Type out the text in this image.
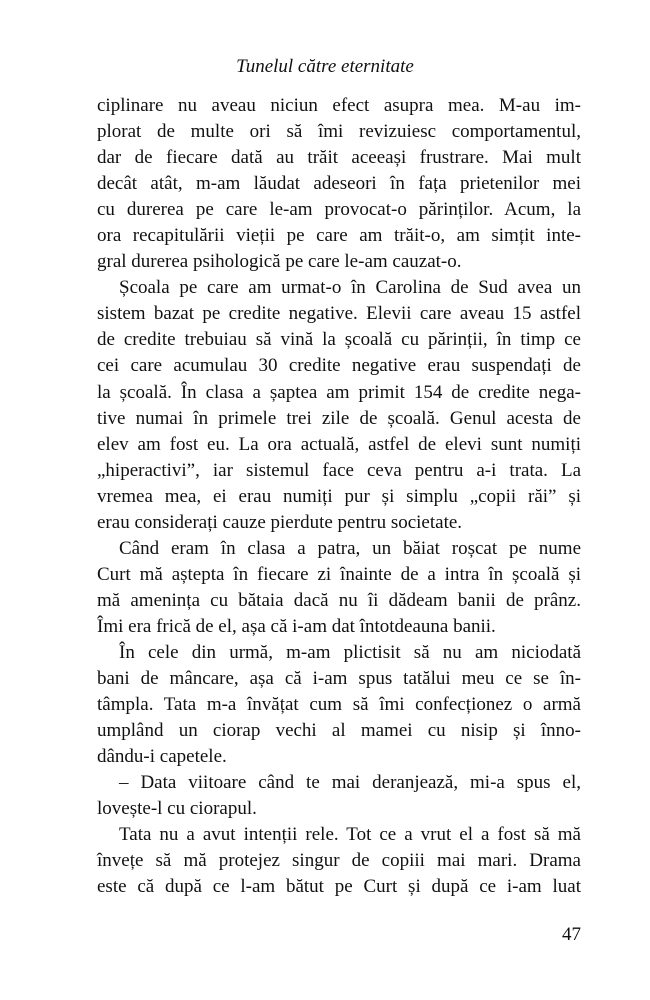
Tunelul către eternitate
ciplinare nu aveau niciun efect asupra mea. M-au im-
plorat de multe ori să îmi revizuiesc comportamentul,
dar de fiecare dată au trăit aceeași frustrare. Mai mult
decât atât, m-am lăudat adeseori în fața prietenilor mei
cu durerea pe care le-am provocat-o părinților. Acum, la
ora recapitulării vieții pe care am trăit-o, am simțit inte-
gral durerea psihologică pe care le-am cauzat-o.
Școala pe care am urmat-o în Carolina de Sud avea un
sistem bazat pe credite negative. Elevii care aveau 15 astfel
de credite trebuiau să vină la școală cu părinții, în timp ce
cei care acumulau 30 credite negative erau suspendați de
la școală. În clasa a șaptea am primit 154 de credite nega-
tive numai în primele trei zile de școală. Genul acesta de
elev am fost eu. La ora actuală, astfel de elevi sunt numiți
„hiperactivi”, iar sistemul face ceva pentru a-i trata. La
vremea mea, ei erau numiți pur și simplu „copii răi” și
erau considerați cauze pierdute pentru societate.
Când eram în clasa a patra, un băiat roșcat pe nume
Curt mă aștepta în fiecare zi înainte de a intra în școală și
mă amenința cu bătaia dacă nu îi dădeam banii de prânz.
Îmi era frică de el, așa că i-am dat întotdeauna banii.
În cele din urmă, m-am plictisit să nu am niciodată
bani de mâncare, așa că i-am spus tatălui meu ce se în-
tâmpla. Tata m-a învățat cum să îmi confecționez o armă
umplând un ciorap vechi al mamei cu nisip și înno-
dându-i capetele.
– Data viitoare când te mai deranjează, mi-a spus el,
lovește-l cu ciorapul.
Tata nu a avut intenții rele. Tot ce a vrut el a fost să mă
învețe să mă protejez singur de copiii mai mari. Drama
este că după ce l-am bătut pe Curt și după ce i-am luat
47
